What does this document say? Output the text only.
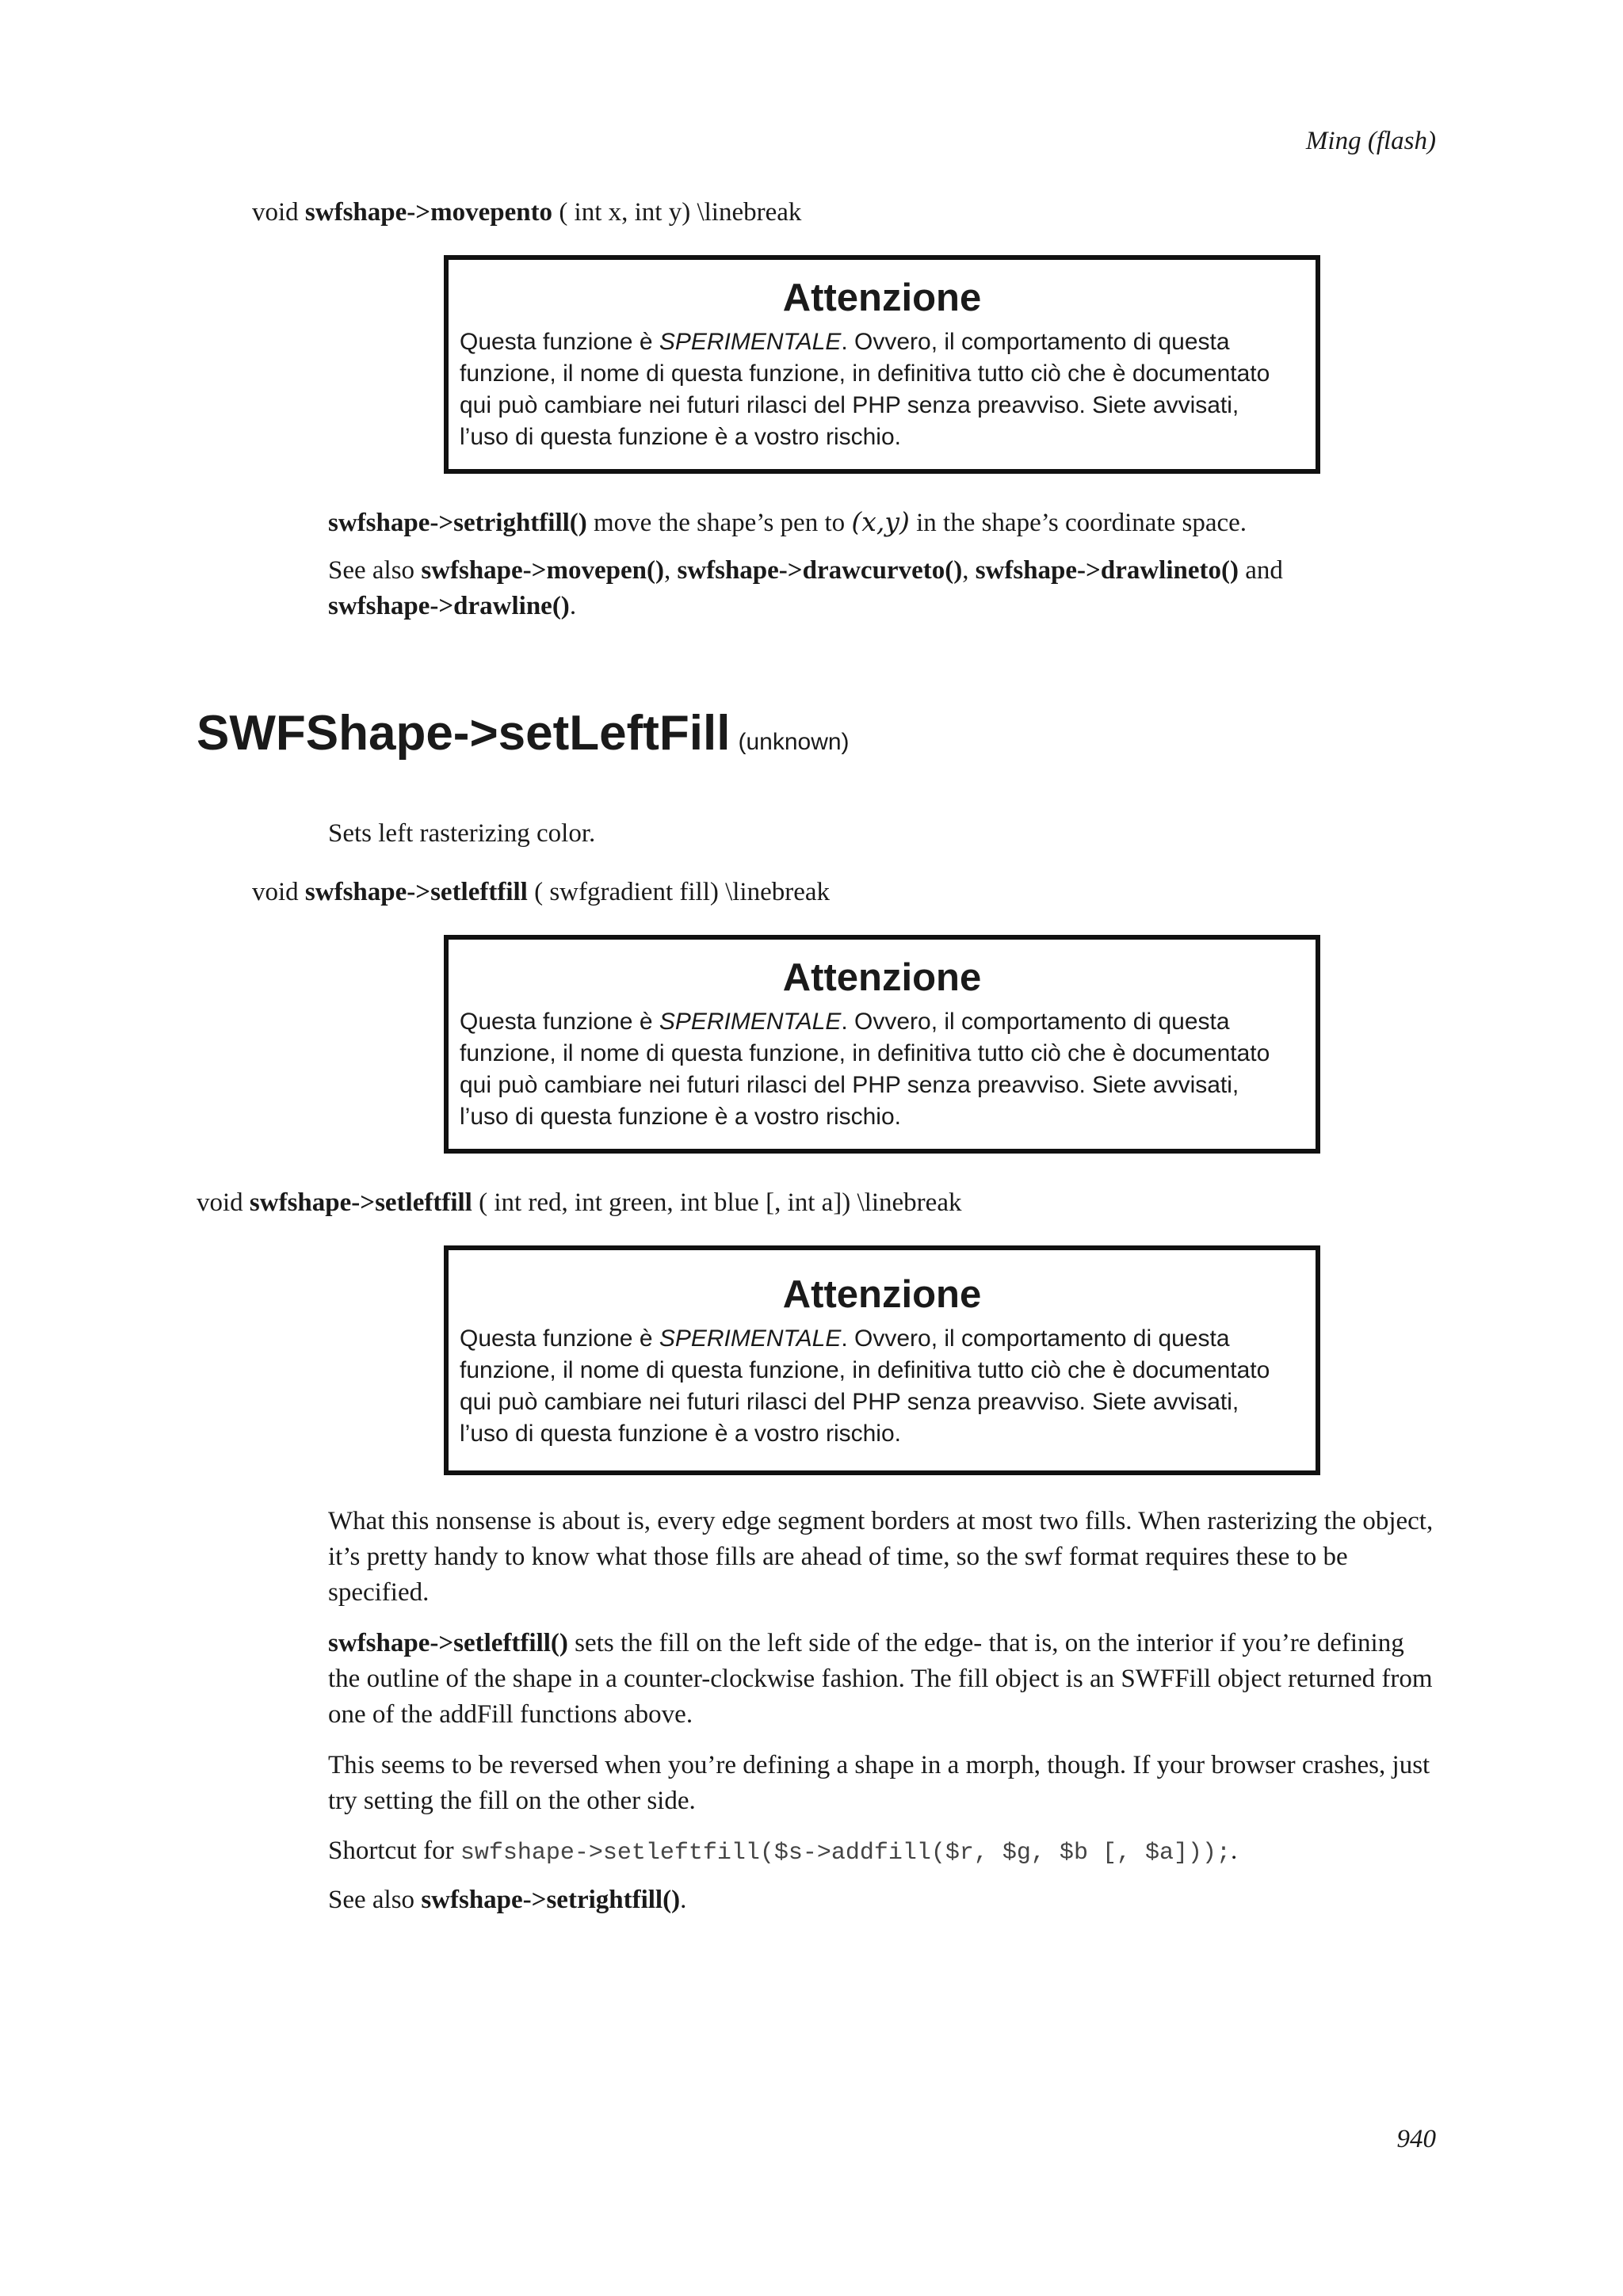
Ming (flash)
void swfshape->movepento ( int x, int y) \linebreak
Attenzione
Questa funzione è SPERIMENTALE. Ovvero, il comportamento di questa
funzione, il nome di questa funzione, in definitiva tutto ciò che è documentato
qui può cambiare nei futuri rilasci del PHP senza preavviso. Siete avvisati,
l’uso di questa funzione è a vostro rischio.
swfshape->setrightfill() move the shape’s pen to (x,y) in the shape’s coordinate space.
See also swfshape->movepen(), swfshape->drawcurveto(), swfshape->drawlineto() and
swfshape->drawline().
SWFShape->setLeftFill (unknown)
Sets left rasterizing color.
void swfshape->setleftfill ( swfgradient fill) \linebreak
Attenzione
Questa funzione è SPERIMENTALE. Ovvero, il comportamento di questa
funzione, il nome di questa funzione, in definitiva tutto ciò che è documentato
qui può cambiare nei futuri rilasci del PHP senza preavviso. Siete avvisati,
l’uso di questa funzione è a vostro rischio.
void swfshape->setleftfill ( int red, int green, int blue [, int a]) \linebreak
Attenzione
Questa funzione è SPERIMENTALE. Ovvero, il comportamento di questa
funzione, il nome di questa funzione, in definitiva tutto ciò che è documentato
qui può cambiare nei futuri rilasci del PHP senza preavviso. Siete avvisati,
l’uso di questa funzione è a vostro rischio.
What this nonsense is about is, every edge segment borders at most two fills. When rasterizing the object, it’s pretty handy to know what those fills are ahead of time, so the swf format requires these to be specified.
swfshape->setleftfill() sets the fill on the left side of the edge- that is, on the interior if you’re defining the outline of the shape in a counter-clockwise fashion. The fill object is an SWFFill object returned from one of the addFill functions above.
This seems to be reversed when you’re defining a shape in a morph, though. If your browser crashes, just try setting the fill on the other side.
Shortcut for swfshape->setleftfill($s->addfill($r, $g, $b [, $a]));.
See also swfshape->setrightfill().
940
